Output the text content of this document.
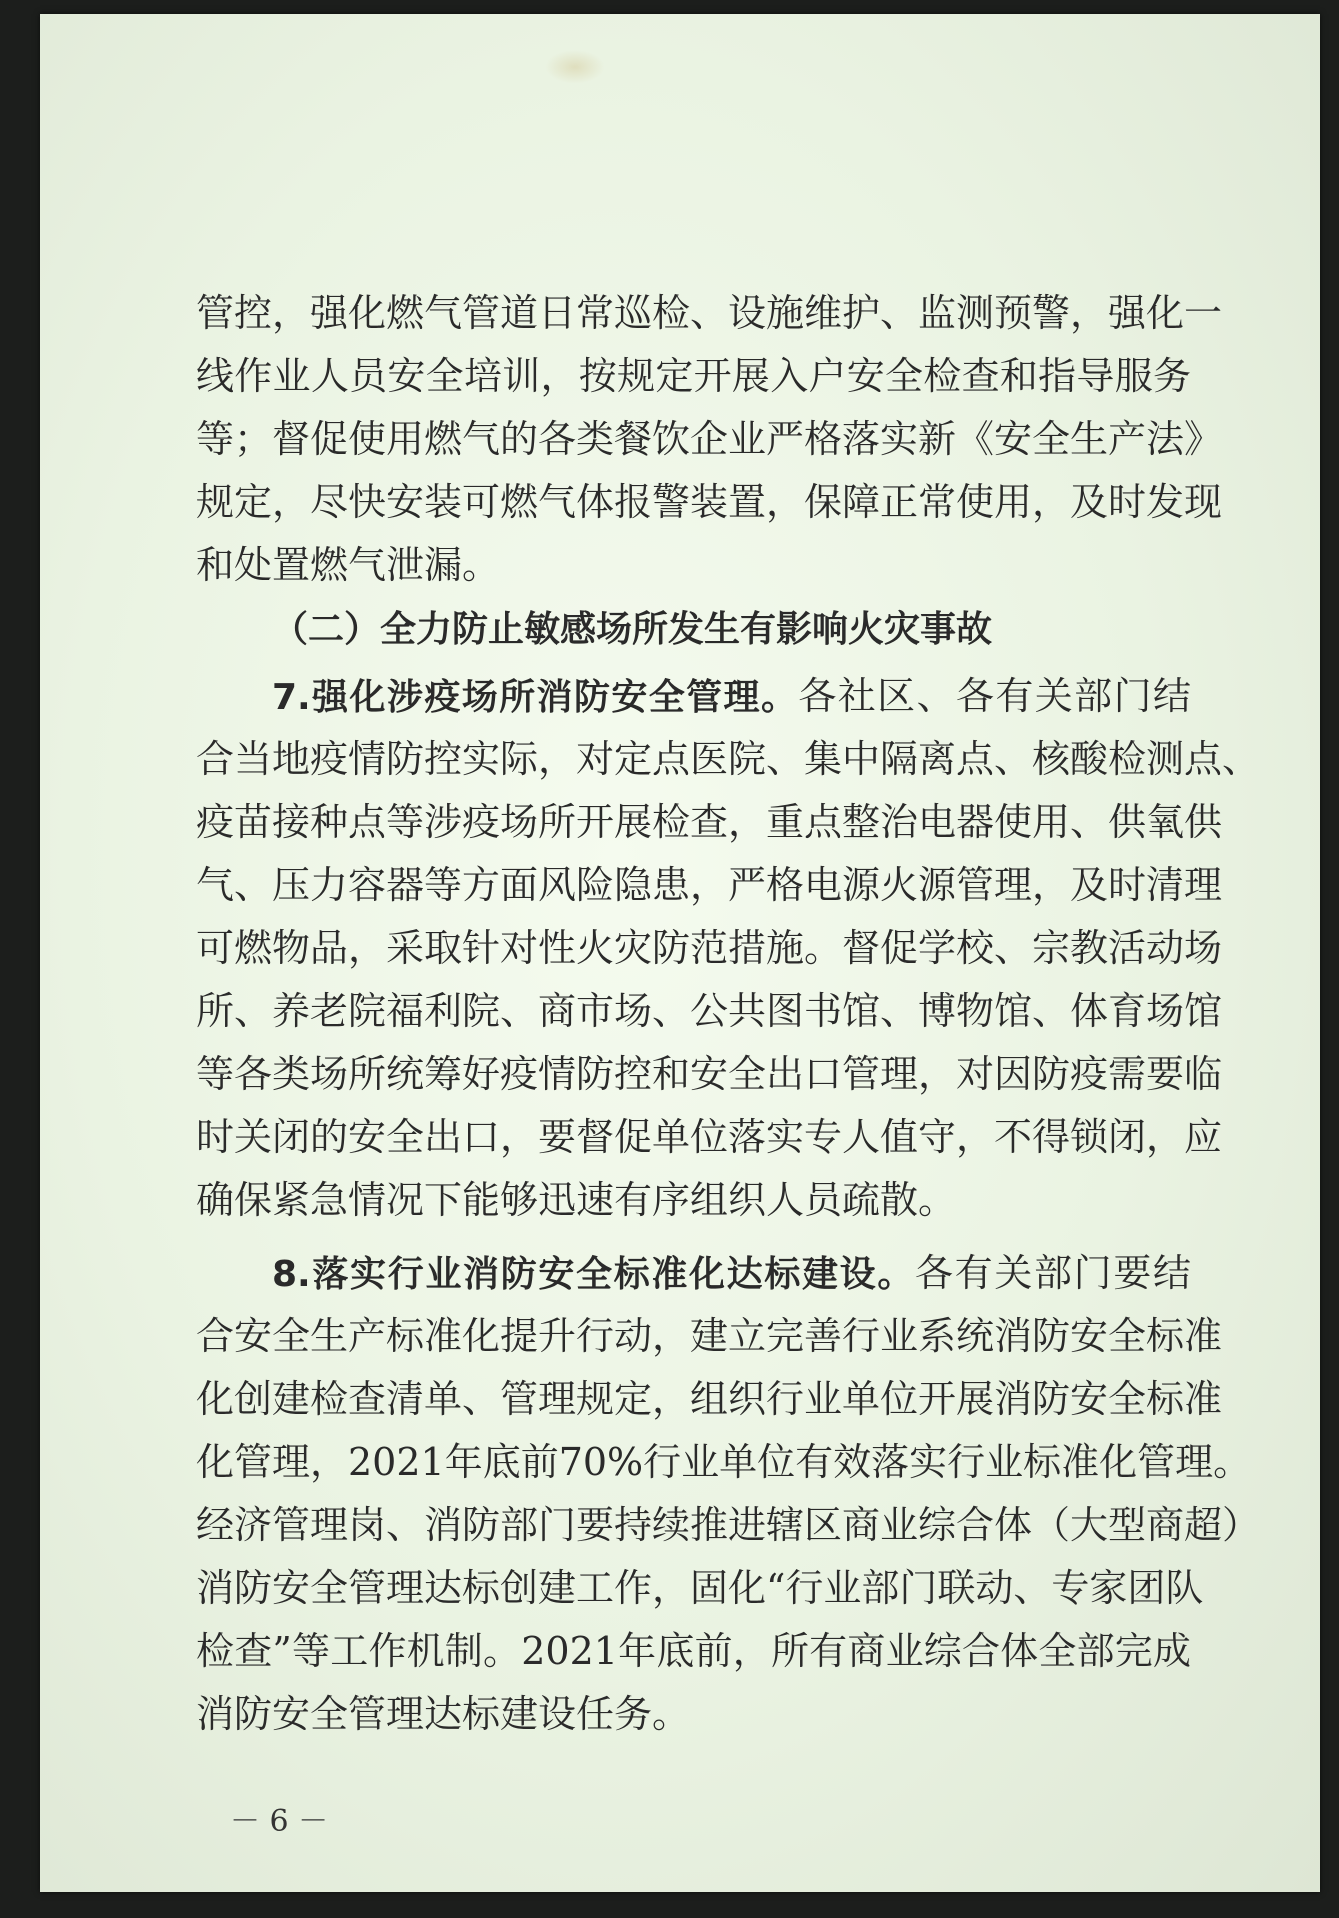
管控，强化燃气管道日常巡检、设施维护、监测预警，强化一
线作业人员安全培训，按规定开展入户安全检查和指导服务
等；督促使用燃气的各类餐饮企业严格落实新《安全生产法》
规定，尽快安装可燃气体报警装置，保障正常使用，及时发现
和处置燃气泄漏。
（二）全力防止敏感场所发生有影响火灾事故
7.强化涉疫场所消防安全管理。各社区、各有关部门结
合当地疫情防控实际，对定点医院、集中隔离点、核酸检测点、
疫苗接种点等涉疫场所开展检查，重点整治电器使用、供氧供
气、压力容器等方面风险隐患，严格电源火源管理，及时清理
可燃物品，采取针对性火灾防范措施。督促学校、宗教活动场
所、养老院福利院、商市场、公共图书馆、博物馆、体育场馆
等各类场所统筹好疫情防控和安全出口管理，对因防疫需要临
时关闭的安全出口，要督促单位落实专人值守，不得锁闭，应
确保紧急情况下能够迅速有序组织人员疏散。
8.落实行业消防安全标准化达标建设。各有关部门要结
合安全生产标准化提升行动，建立完善行业系统消防安全标准
化创建检查清单、管理规定，组织行业单位开展消防安全标准
化管理，2021年底前70%行业单位有效落实行业标准化管理。
经济管理岗、消防部门要持续推进辖区商业综合体（大型商超）
消防安全管理达标创建工作，固化“行业部门联动、专家团队
检查”等工作机制。2021年底前，所有商业综合体全部完成
消防安全管理达标建设任务。
－ 6 －
